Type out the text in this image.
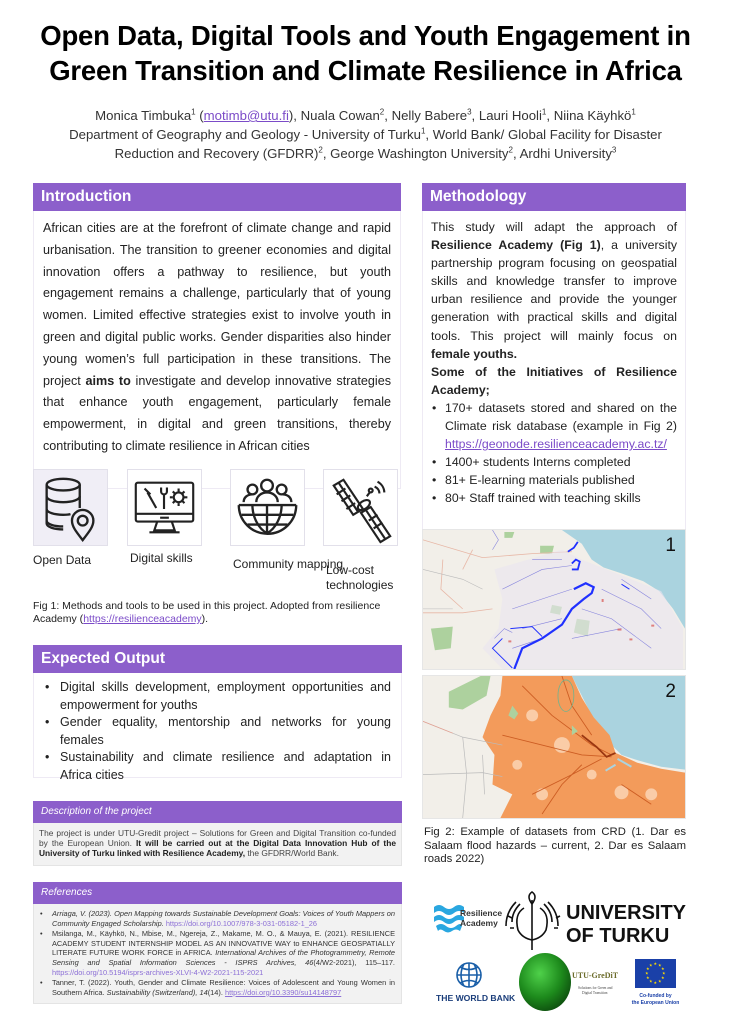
Open Data, Digital Tools and Youth Engagement in
Green Transition and Climate Resilience in Africa
Monica Timbuka$^1$ (motimb@utu.fi), Nuala Cowan$^2$, Nelly Babere$^3$, Lauri Hooli$^1$, Niina Käyhkö$^1$
Department of Geography and Geology - University of Turku$^1$, World Bank/ Global Facility for Disaster
Reduction and Recovery (GFDRR)$^2$, George Washington University$^2$, Ardhi University$^3$
Introduction

African cities are at the forefront of climate change and rapid urbanisation. The transition to greener economies and digital innovation offers a pathway to resilience, but youth engagement remains a challenge, particularly that of young women. Limited effective strategies exist to involve youth in green and digital public works. Gender disparities also hinder young women’s full participation in these transitions. The project aims to investigate and develop innovative strategies that enhance youth engagement, particularly female empowerment, in digital and green transitions, thereby contributing to climate resilience in African cities

Open Data	Digital skills	Community mapping
Low-cost technologies
Fig 1: Methods and tools to be used in this project. Adopted from resilience Academy (https://resilienceacademy).
Expected Output
• Digital skills development, employment opportunities and empowerment for youths
• Gender equality, mentorship and networks for young females
• Sustainability and climate resilience and adaptation in Africa cities
Description of the project

The project is under UTU-Gredit project – Solutions for Green and Digital Transition co-funded by the European Union. It will be carried out at the Digital Data Innovation Hub of the University of Turku linked with Resilience Academy, the GFDRR/World Bank.

References
• Arriaga, V. (2023). Open Mapping towards Sustainable Development Goals: Voices of Youth Mappers on Community Engaged Scholarship. https://doi.org/10.1007/978-3-031-05182-1_26
• Msilanga, M., Käyhkö, N., Mbise, M., Ngereja, Z., Makame, M. O., & Mauya, E. (2021). RESILIENCE ACADEMY STUDENT INTERNSHIP MODEL AS AN INNOVATIVE WAY to ENHANCE GEOSPATIALLY LITERATE FUTURE WORK FORCE in AFRICA. International Archives of the Photogrammetry, Remote Sensing and Spatial Information Sciences - ISPRS Archives, 46(4/W2-2021), 115–117. https://doi.org/10.5194/isprs-archives-XLVI-4-W2-2021-115-2021
• Tanner, T. (2022). Youth, Gender and Climate Resilience: Voices of Adolescent and Young Women in Southern Africa. Sustainability (Switzerland), 14(14). https://doi.org/10.3390/su14148797
Methodology

This study will adapt the approach of Resilience Academy (Fig 1), a university partnership program focusing on geospatial skills and knowledge transfer to improve urban resilience and provide the younger generation with practical skills and digital tools. This project will mainly focus on female youths.

Some of the Initiatives of Resilience Academy;

• 170+ datasets stored and shared on the Climate risk database (example in Fig 2) https://geonode.resilienceacademy.ac.tz/
• 1400+ students Interns completed
• 81+ E-learning materials published
• 80+ Staff trained with teaching skills
1
2
Fig 2: Example of datasets from CRD (1. Dar es Salaam flood hazards – current, 2. Dar es Salaam roads 2022)
Resilience
Academy	UNIVERSITY
OF TURKU
THE WORLD BANK
UTU-GreDiT
Solutions for Green and
Digital Transition
★ ★
★
★
★
★
★
★
★
★
★
★
Co-funded by
the European Union
